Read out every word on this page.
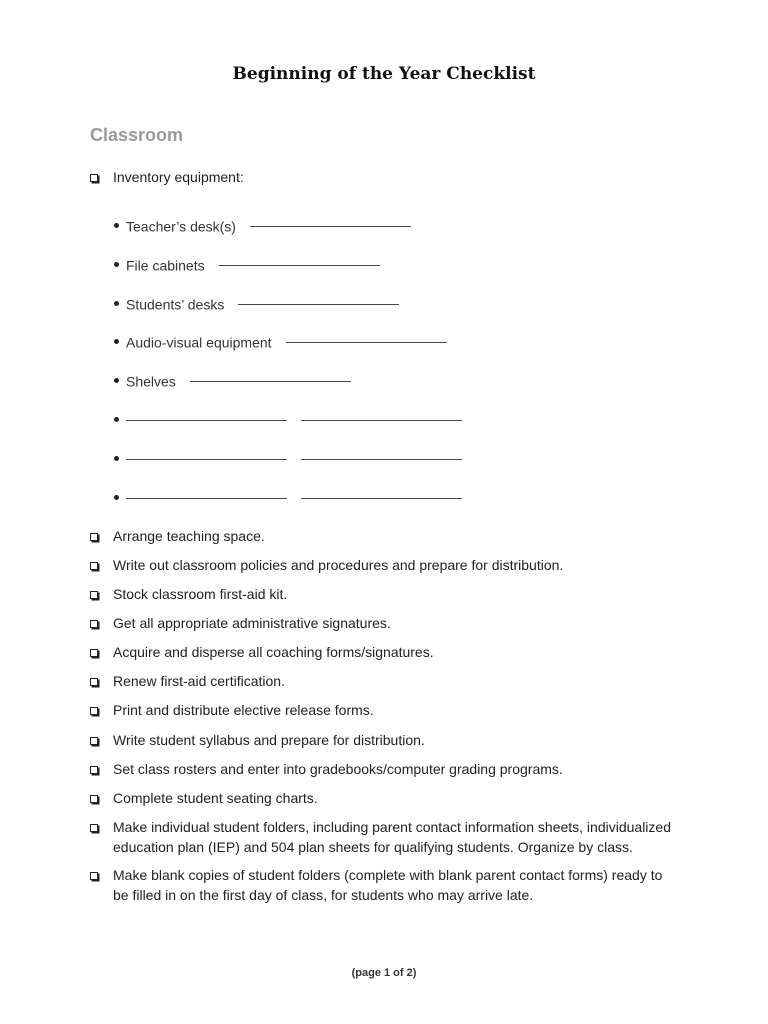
Beginning of the Year Checklist
Classroom
Inventory equipment:
Teacher’s desk(s)
File cabinets
Students’ desks
Audio-visual equipment
Shelves
Arrange teaching space.
Write out classroom policies and procedures and prepare for distribution.
Stock classroom first-aid kit.
Get all appropriate administrative signatures.
Acquire and disperse all coaching forms/signatures.
Renew first-aid certification.
Print and distribute elective release forms.
Write student syllabus and prepare for distribution.
Set class rosters and enter into gradebooks/computer grading programs.
Complete student seating charts.
Make individual student folders, including parent contact information sheets, individualized
education plan (IEP) and 504 plan sheets for qualifying students. Organize by class.
Make blank copies of student folders (complete with blank parent contact forms) ready to
be filled in on the first day of class, for students who may arrive late.
(page 1 of 2)
